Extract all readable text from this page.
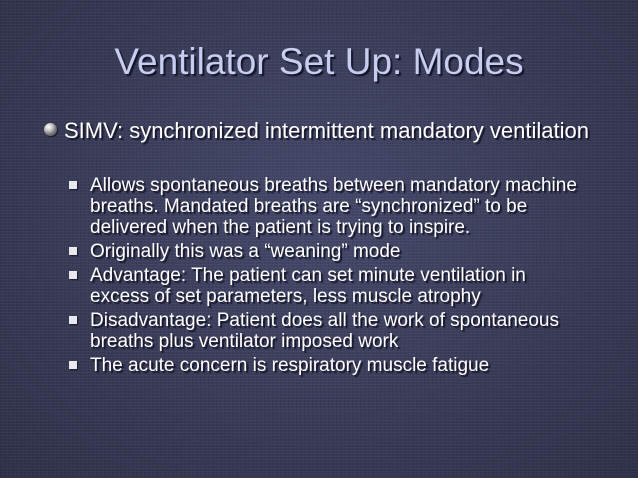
Ventilator Set Up: Modes
SIMV: synchronized intermittent mandatory ventilation
Allows spontaneous breaths between mandatory machine breaths. Mandated breaths are “synchronized” to be delivered when the patient is trying to inspire.
Originally this was a “weaning” mode
Advantage: The patient can set minute ventilation in excess of set parameters, less muscle atrophy
Disadvantage: Patient does all the work of spontaneous breaths plus ventilator imposed work
The acute concern is respiratory muscle fatigue
